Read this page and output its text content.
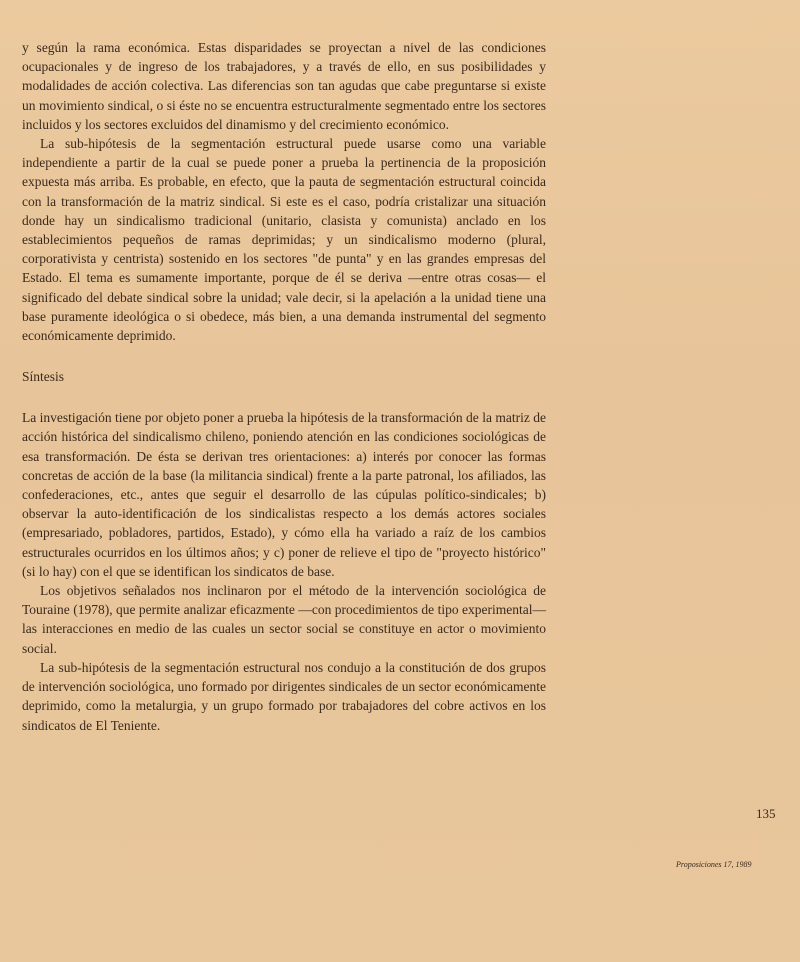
y según la rama económica. Estas disparidades se proyectan a nivel de las condiciones ocupacionales y de ingreso de los trabajadores, y a través de ello, en sus posibilidades y modalidades de acción colectiva. Las diferencias son tan agudas que cabe preguntarse si existe un movimiento sindical, o si éste no se encuentra estructuralmente segmentado entre los sectores incluidos y los sectores excluidos del dinamismo y del crecimiento económico.

La sub-hipótesis de la segmentación estructural puede usarse como una variable independiente a partir de la cual se puede poner a prueba la pertinencia de la proposición expuesta más arriba. Es probable, en efecto, que la pauta de segmentación estructural coincida con la transformación de la matriz sindical. Si este es el caso, podría cristalizar una situación donde hay un sindicalismo tradicional (unitario, clasista y comunista) anclado en los establecimientos pequeños de ramas deprimidas; y un sindicalismo moderno (plural, corporativista y centrista) sostenido en los sectores "de punta" y en las grandes empresas del Estado. El tema es sumamente importante, porque de él se deriva —entre otras cosas— el significado del debate sindical sobre la unidad; vale decir, si la apelación a la unidad tiene una base puramente ideológica o si obedece, más bien, a una demanda instrumental del segmento económicamente deprimido.

Síntesis

La investigación tiene por objeto poner a prueba la hipótesis de la transformación de la matriz de acción histórica del sindicalismo chileno, poniendo atención en las condiciones sociológicas de esa transformación. De ésta se derivan tres orientaciones: a) interés por conocer las formas concretas de acción de la base (la militancia sindical) frente a la parte patronal, los afiliados, las confederaciones, etc., antes que seguir el desarrollo de las cúpulas político-sindicales; b) observar la auto-identificación de los sindicalistas respecto a los demás actores sociales (empresariado, pobladores, partidos, Estado), y cómo ella ha variado a raíz de los cambios estructurales ocurridos en los últimos años; y c) poner de relieve el tipo de "proyecto histórico" (si lo hay) con el que se identifican los sindicatos de base.

Los objetivos señalados nos inclinaron por el método de la intervención sociológica de Touraine (1978), que permite analizar eficazmente —con procedimientos de tipo experimental— las interacciones en medio de las cuales un sector social se constituye en actor o movimiento social.

La sub-hipótesis de la segmentación estructural nos condujo a la constitución de dos grupos de intervención sociológica, uno formado por dirigentes sindicales de un sector económicamente deprimido, como la metalurgia, y un grupo formado por trabajadores del cobre activos en los sindicatos de El Teniente.

135
Proposiciones 17, 1989
